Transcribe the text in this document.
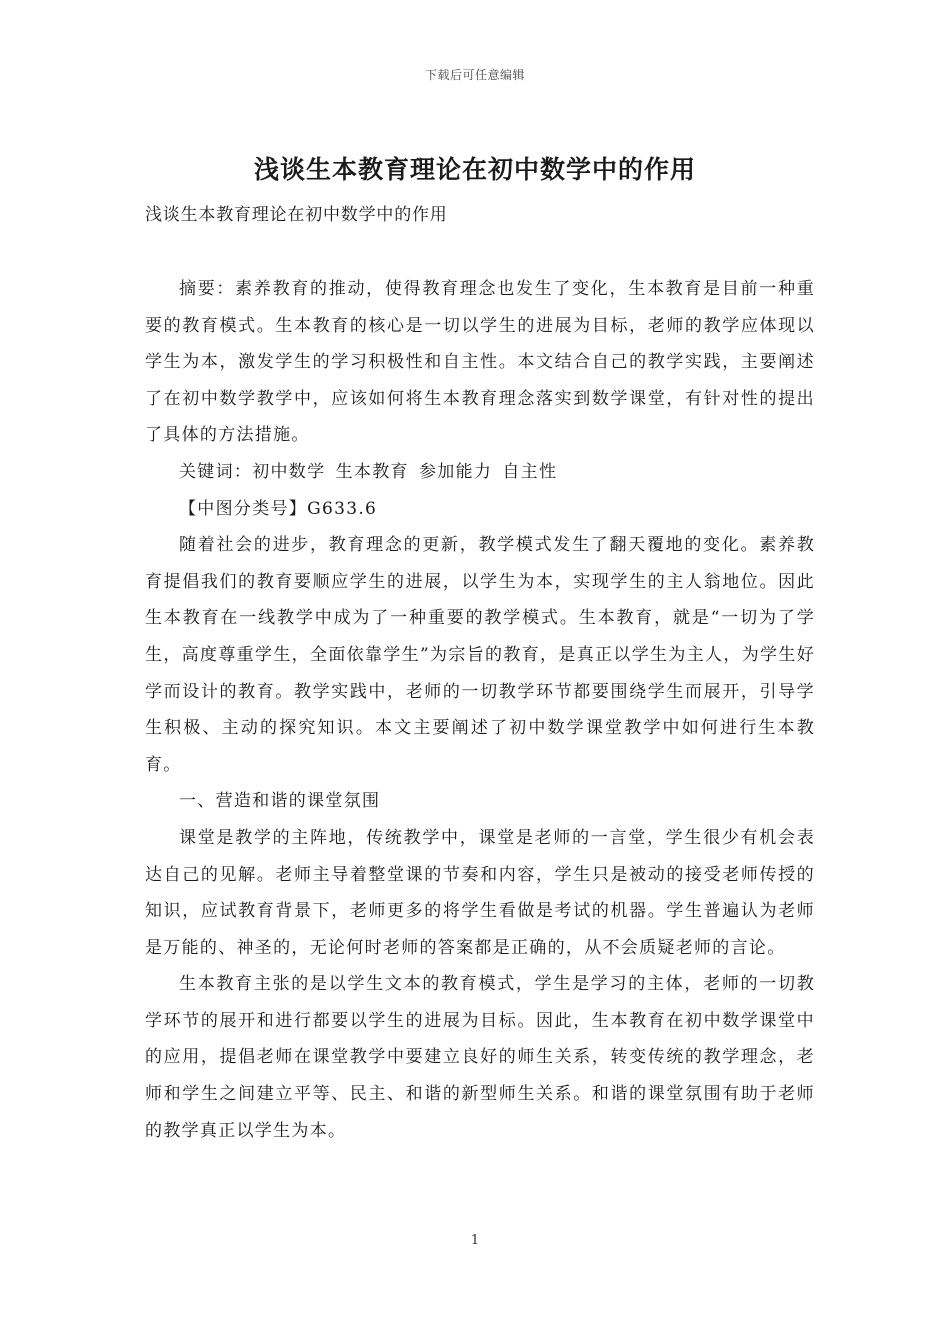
下载后可任意编辑
浅谈生本教育理论在初中数学中的作用
浅谈生本教育理论在初中数学中的作用

摘要：素养教育的推动，使得教育理念也发生了变化，生本教育是目前一种重要的教育模式。生本教育的核心是一切以学生的进展为目标，老师的教学应体现以学生为本，激发学生的学习积极性和自主性。本文结合自己的教学实践，主要阐述了在初中数学教学中，应该如何将生本教育理念落实到数学课堂，有针对性的提出了具体的方法措施。

关键词：初中数学 生本教育 参加能力 自主性

【中图分类号】G633.6

随着社会的进步，教育理念的更新，教学模式发生了翻天覆地的变化。素养教育提倡我们的教育要顺应学生的进展，以学生为本，实现学生的主人翁地位。因此生本教育在一线教学中成为了一种重要的教学模式。生本教育，就是“一切为了学生，高度尊重学生，全面依靠学生”为宗旨的教育，是真正以学生为主人，为学生好学而设计的教育。教学实践中，老师的一切教学环节都要围绕学生而展开，引导学生积极、主动的探究知识。本文主要阐述了初中数学课堂教学中如何进行生本教育。

一、营造和谐的课堂氛围

课堂是教学的主阵地，传统教学中，课堂是老师的一言堂，学生很少有机会表达自己的见解。老师主导着整堂课的节奏和内容，学生只是被动的接受老师传授的知识，应试教育背景下，老师更多的将学生看做是考试的机器。学生普遍认为老师是万能的、神圣的，无论何时老师的答案都是正确的，从不会质疑老师的言论。

生本教育主张的是以学生文本的教育模式，学生是学习的主体，老师的一切教学环节的展开和进行都要以学生的进展为目标。因此，生本教育在初中数学课堂中的应用，提倡老师在课堂教学中要建立良好的师生关系，转变传统的教学理念，老师和学生之间建立平等、民主、和谐的新型师生关系。和谐的课堂氛围有助于老师的教学真正以学生为本。

1
